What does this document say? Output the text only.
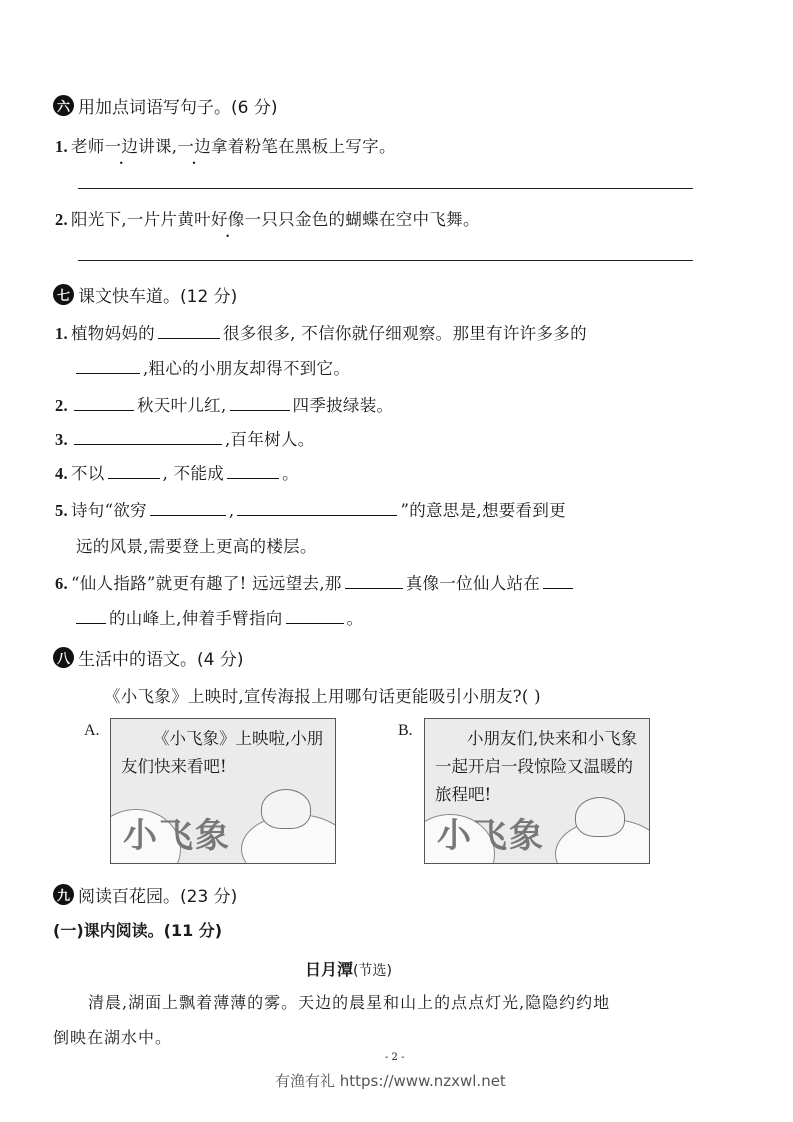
六 用加点词语写句子。(6 分)
1. 老师一边讲课,一边拿着粉笔在黑板上写字。
2. 阳光下,一片片黄叶好像一只只金色的蝴蝶在空中飞舞。
七 课文快车道。(12 分)
1. 植物妈妈的	很多很多, 不信你就仔细观察。那里有许许多多的
,粗心的小朋友却得不到它。
2.	秋天叶儿红,	四季披绿装。
3.	,百年树人。
4. 不以	, 不能成	。
5. 诗句“欲穷	,	”的意思是,想要看到更
远的风景,需要登上更高的楼层。
6. “仙人指路”就更有趣了! 远远望去,那	真像一位仙人站在
的山峰上,伸着手臂指向	。
八 生活中的语文。(4 分)
《小飞象》上映时,宣传海报上用哪句话更能吸引小朋友?( )
A.	《小飞象》上映啦,小朋友们快来看吧!
小飞象
B.	小朋友们,快来和小飞象一起开启一段惊险又温暖的旅程吧!
小飞象
九 阅读百花园。(23 分)
(一)课内阅读。(11 分)
日月潭(节选)
清晨,湖面上飘着薄薄的雾。天边的晨星和山上的点点灯光,隐隐约约地
倒映在湖水中。
- 2 -
有渔有礼 https://www.nzxwl.net
